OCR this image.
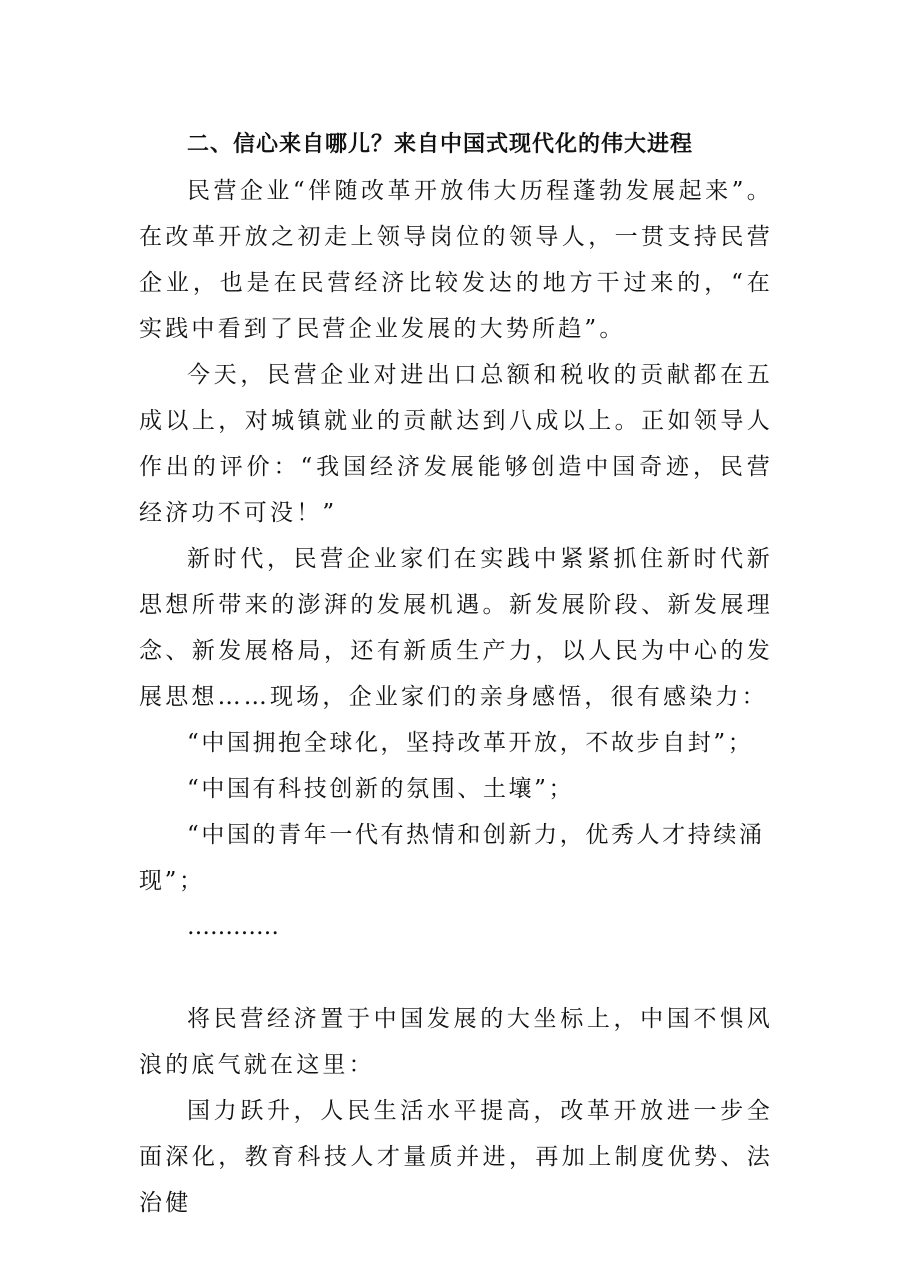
二、信心来自哪儿？来自中国式现代化的伟大进程

民营企业“伴随改革开放伟大历程蓬勃发展起来”。在改革开放之初走上领导岗位的领导人，一贯支持民营企业，也是在民营经济比较发达的地方干过来的，“在实践中看到了民营企业发展的大势所趋”。

今天，民营企业对进出口总额和税收的贡献都在五成以上，对城镇就业的贡献达到八成以上。正如领导人作出的评价：“我国经济发展能够创造中国奇迹，民营经济功不可没！”

新时代，民营企业家们在实践中紧紧抓住新时代新思想所带来的澎湃的发展机遇。新发展阶段、新发展理念、新发展格局，还有新质生产力，以人民为中心的发展思想……现场，企业家们的亲身感悟，很有感染力：

“中国拥抱全球化，坚持改革开放，不故步自封”；

“中国有科技创新的氛围、土壤”；

“中国的青年一代有热情和创新力，优秀人才持续涌现”；

…………

将民营经济置于中国发展的大坐标上，中国不惧风浪的底气就在这里：

国力跃升，人民生活水平提高，改革开放进一步全面深化，教育科技人才量质并进，再加上制度优势、法治健
